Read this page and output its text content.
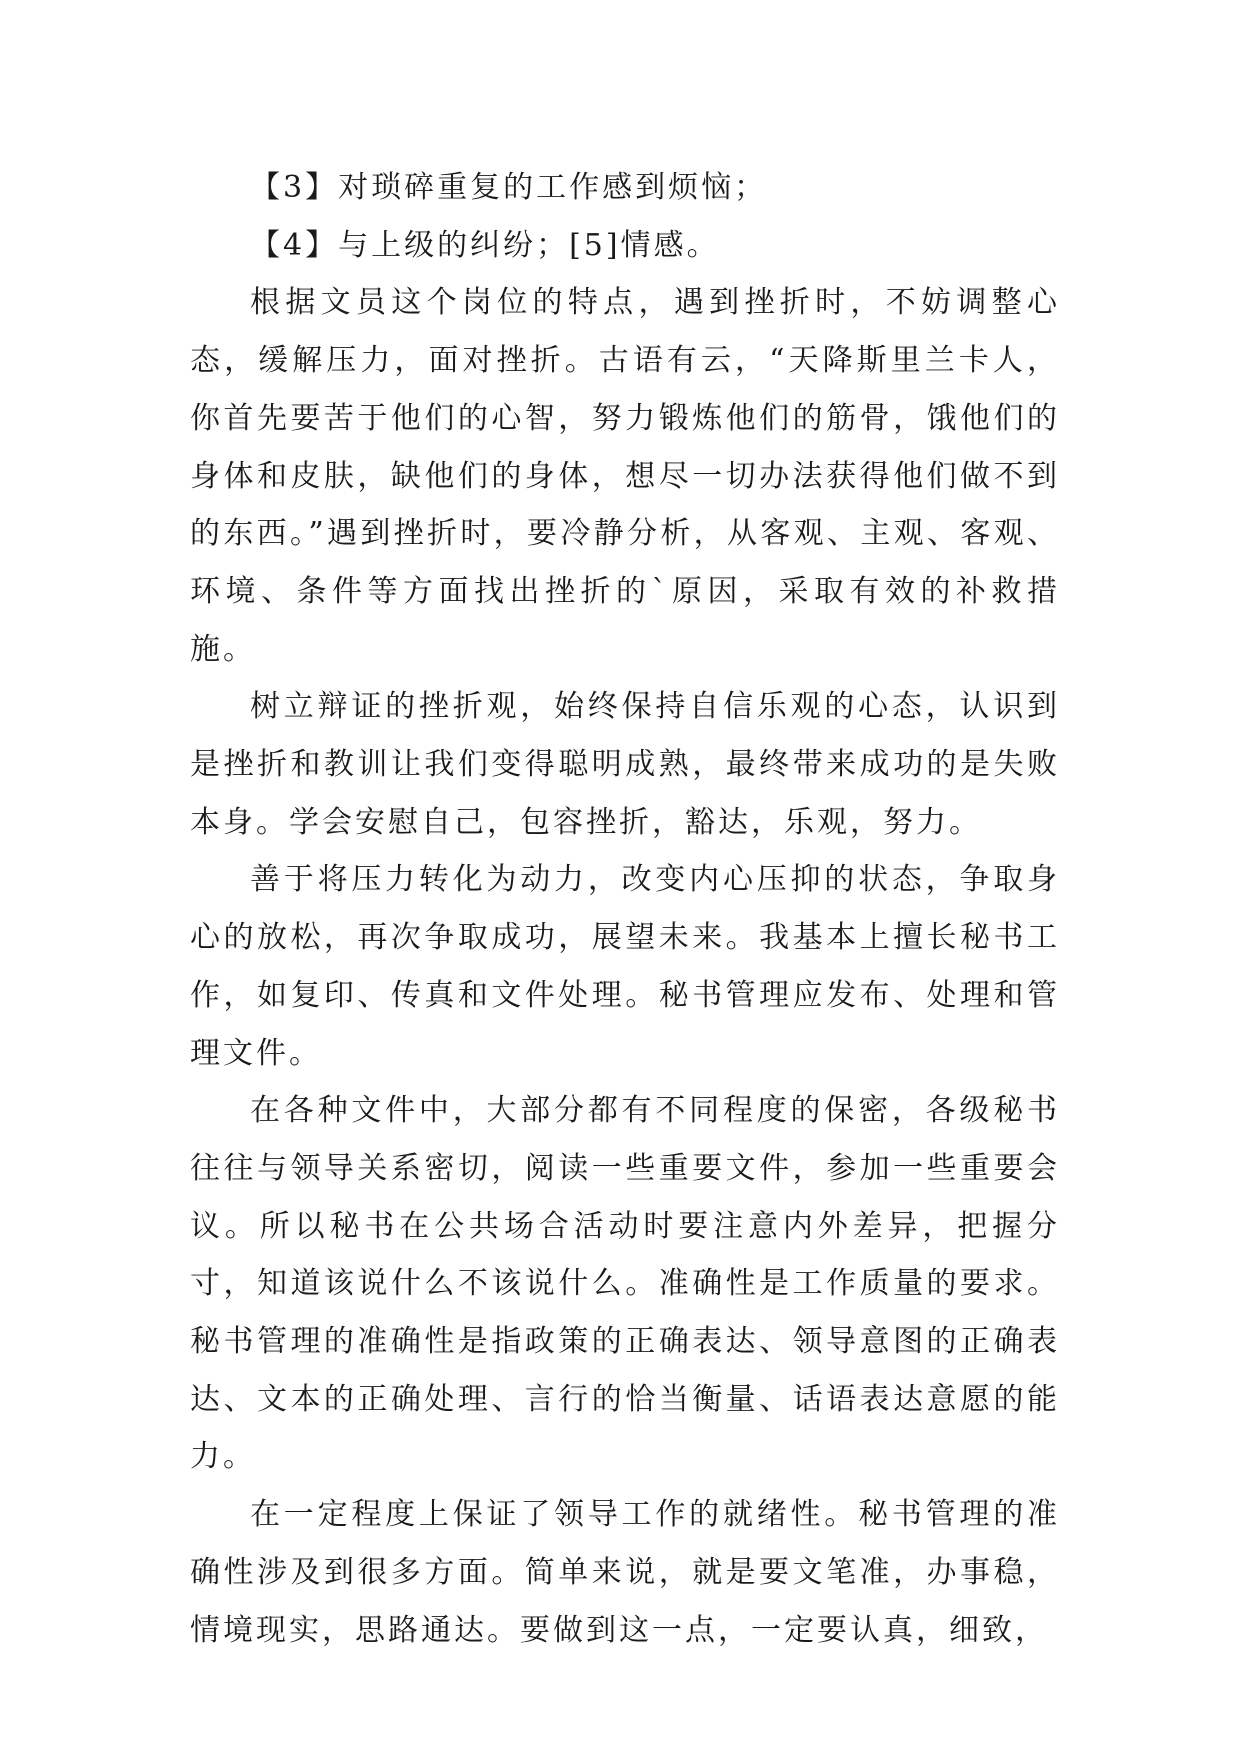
【3】对琐碎重复的工作感到烦恼；

【4】与上级的纠纷；[5]情感。

根据文员这个岗位的特点，遇到挫折时，不妨调整心态，缓解压力，面对挫折。古语有云，“天降斯里兰卡人，你首先要苦于他们的心智，努力锻炼他们的筋骨，饿他们的身体和皮肤，缺他们的身体，想尽一切办法获得他们做不到的东西。”遇到挫折时，要冷静分析，从客观、主观、客观、环境、条件等方面找出挫折的`原因，采取有效的补救措施。

树立辩证的挫折观，始终保持自信乐观的心态，认识到是挫折和教训让我们变得聪明成熟，最终带来成功的是失败本身。学会安慰自己，包容挫折，豁达，乐观，努力。

善于将压力转化为动力，改变内心压抑的状态，争取身心的放松，再次争取成功，展望未来。我基本上擅长秘书工作，如复印、传真和文件处理。秘书管理应发布、处理和管理文件。

在各种文件中，大部分都有不同程度的保密，各级秘书往往与领导关系密切，阅读一些重要文件，参加一些重要会议。所以秘书在公共场合活动时要注意内外差异，把握分寸，知道该说什么不该说什么。准确性是工作质量的要求。秘书管理的准确性是指政策的正确表达、领导意图的正确表达、文本的正确处理、言行的恰当衡量、话语表达意愿的能力。

在一定程度上保证了领导工作的就绪性。秘书管理的准确性涉及到很多方面。简单来说，就是要文笔准，办事稳，情境现实，思路通达。要做到这一点，一定要认真，细致，
